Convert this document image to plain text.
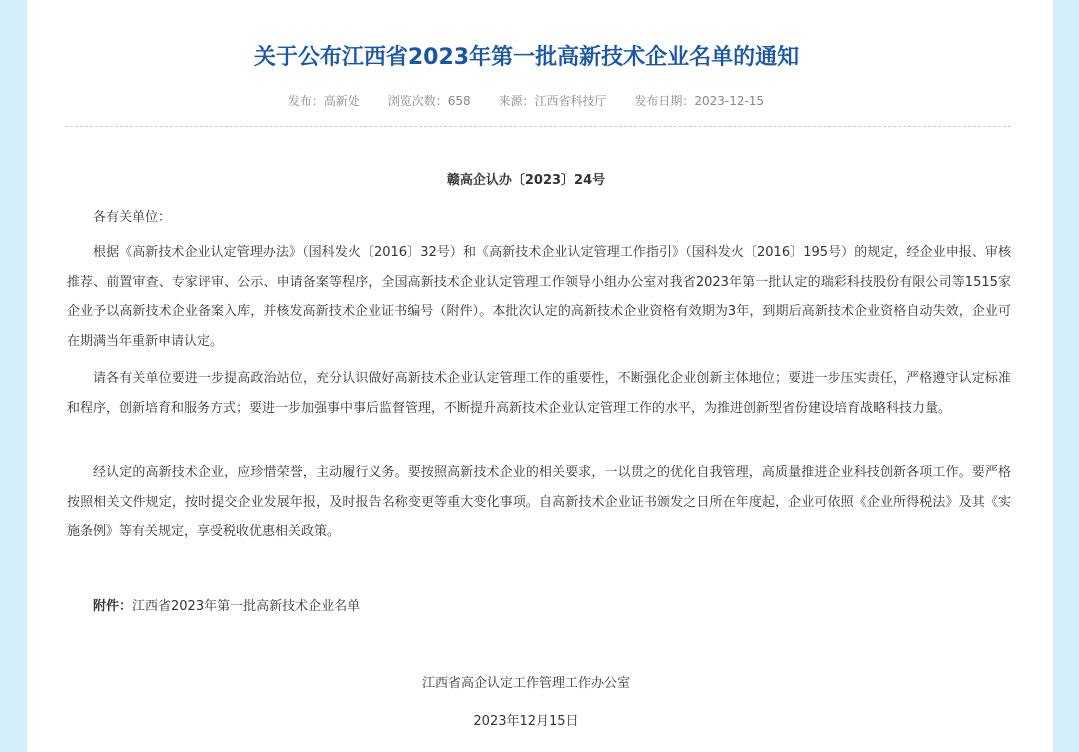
关于公布江西省2023年第一批高新技术企业名单的通知
发布：高新处 浏览次数：658 来源：江西省科技厅 发布日期：2023-12-15
赣高企认办〔2023〕24号

各有关单位：

根据《高新技术企业认定管理办法》（国科发火〔2016〕32号）和《高新技术企业认定管理工作指引》（国科发火〔2016〕195号）的规定，经企业申报、审核推荐、前置审查、专家评审、公示、申请备案等程序，全国高新技术企业认定管理工作领导小组办公室对我省2023年第一批认定的瑞彩科技股份有限公司等1515家企业予以高新技术企业备案入库，并核发高新技术企业证书编号（附件）。本批次认定的高新技术企业资格有效期为3年，到期后高新技术企业资格自动失效，企业可在期满当年重新申请认定。

请各有关单位要进一步提高政治站位，充分认识做好高新技术企业认定管理工作的重要性，不断强化企业创新主体地位；要进一步压实责任，严格遵守认定标准和程序，创新培育和服务方式；要进一步加强事中事后监督管理，不断提升高新技术企业认定管理工作的水平，为推进创新型省份建设培育战略科技力量。

经认定的高新技术企业，应珍惜荣誉，主动履行义务。要按照高新技术企业的相关要求，一以贯之的优化自我管理，高质量推进企业科技创新各项工作。要严格按照相关文件规定，按时提交企业发展年报，及时报告名称变更等重大变化事项。自高新技术企业证书颁发之日所在年度起，企业可依照《企业所得税法》及其《实施条例》等有关规定，享受税收优惠相关政策。

附件：江西省2023年第一批高新技术企业名单

江西省高企认定工作管理工作办公室
2023年12月15日
